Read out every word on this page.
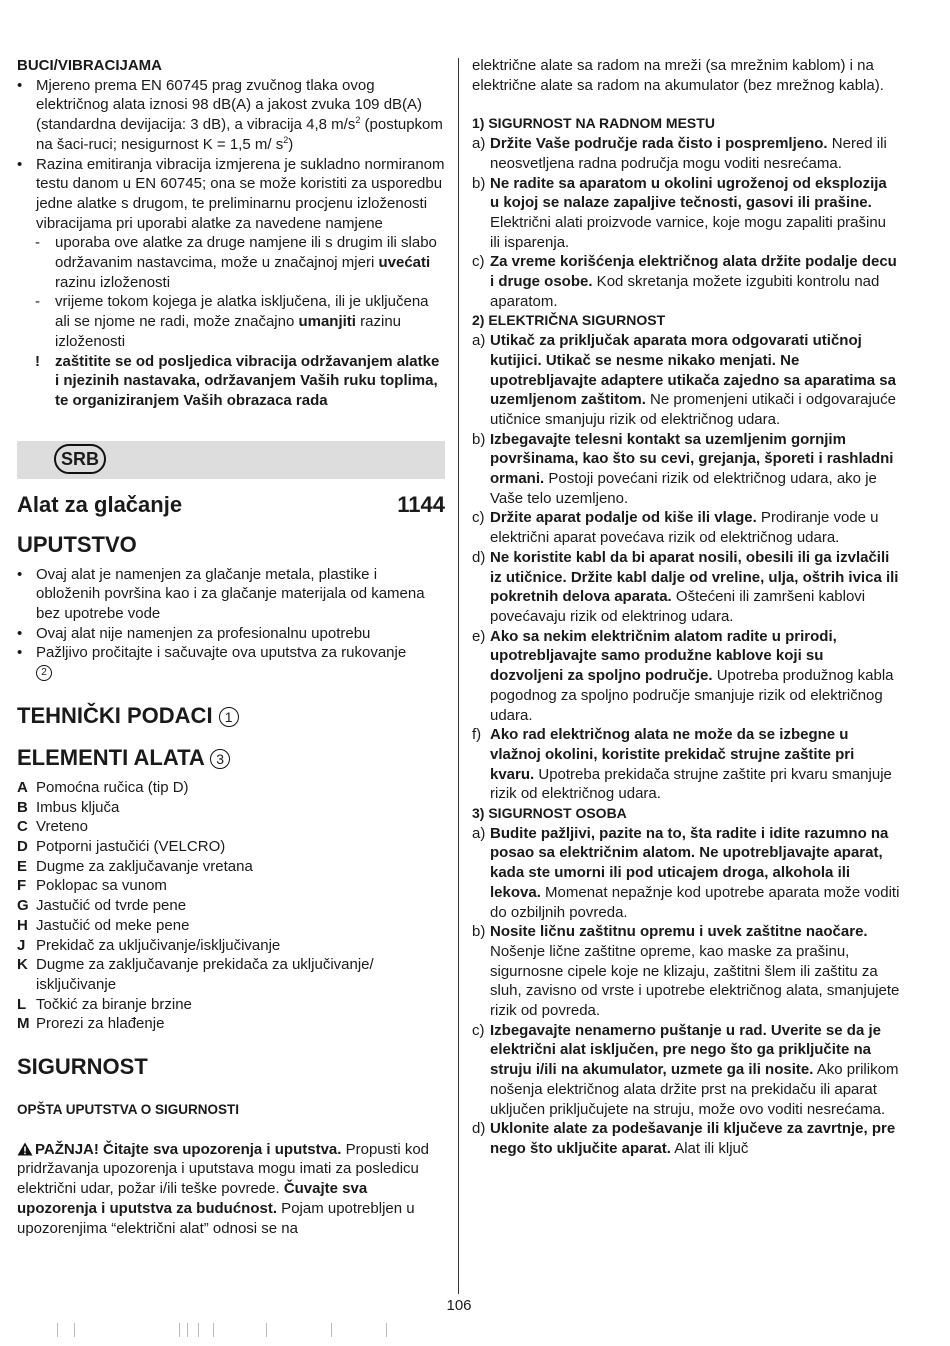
BUCI/VIBRACIJAMA

• Mjereno prema EN 60745 prag zvučnog tlaka ovog električnog alata iznosi 98 dB(A) a jakost zvuka 109 dB(A) (standardna devijacija: 3 dB), a vibracija 4,8 $m/s^2$ (postupkom na šaci-ruci; nesigurnost K = 1,5 m/ $s^2$)
• Razina emitiranja vibracija izmjerena je sukladno normiranom testu danom u EN 60745; ona se može koristiti za usporedbu jedne alatke s drugom, te preliminarnu procjenu izloženosti vibracijama pri uporabi alatke za navedene namjene
- uporaba ove alatke za druge namjene ili s drugim ili slabo održavanim nastavcima, može u značajnoj mjeri uvećati razinu izloženosti
- vrijeme tokom kojega je alatka isključena, ili je uključena ali se njome ne radi, može značajno umanjiti razinu izloženosti
! zaštitite se od posljedica vibracija održavanjem alatke i njezinih nastavaka, održavanjem Vaših ruku toplima, te organiziranjem Vaših obrazaca rada
SRB
Alat za glačanje	1144
UPUTSTVO
• Ovaj alat je namenjen za glačanje metala, plastike i obloženih površina kao i za glačanje materijala od kamena bez upotrebe vode
• Ovaj alat nije namenjen za profesionalnu upotrebu
• Pažljivo pročitajte i sačuvajte ova uputstva za rukovanje
2
TEHNIČKI PODACI 1
ELEMENTI ALATA 3
A Pomoćna ručica (tip D)
B Imbus ključa
C Vreteno
D Potporni jastučići (VELCRO)
E Dugme za zaključavanje vretana
F Poklopac sa vunom
G Jastučić od tvrde pene
H Jastučić od meke pene
J Prekidač za uključivanje/isključivanje
K Dugme za zaključavanje prekidača za uključivanje/ isključivanje
L Točkić za biranje brzine
M Prorezi za hlađenje
SIGURNOST

OPŠTA UPUTSTVA O SIGURNOSTI

PAŽNJA! Čitajte sva upozorenja i uputstva. Propusti kod pridržavanja upozorenja i uputstava mogu imati za posledicu električni udar, požar i/ili teške povrede. Čuvajte sva upozorenja i uputstva za budućnost. Pojam upotrebljen u upozorenjima “električni alat” odnosi se na

električne alate sa radom na mreži (sa mrežnim kablom) i na električne alate sa radom na akumulator (bez mrežnog kabla).

1) SIGURNOST NA RADNOM MESTU

a) Držite Vaše područje rada čisto i pospremljeno. Nered ili neosvetljena radna područja mogu voditi nesrećama.
b) Ne radite sa aparatom u okolini ugroženoj od eksplozija u kojoj se nalaze zapaljive tečnosti, gasovi ili prašine. Električni alati proizvode varnice, koje mogu zapaliti prašinu ili isparenja.
c) Za vreme korišćenja električnog alata držite podalje decu i druge osobe. Kod skretanja možete izgubiti kontrolu nad aparatom.

2) ELEKTRIČNA SIGURNOST

a) Utikač za priključak aparata mora odgovarati utičnoj kutijici. Utikač se nesme nikako menjati. Ne upotrebljavajte adaptere utikača zajedno sa aparatima sa uzemljenom zaštitom. Ne promenjeni utikači i odgovarajuće utičnice smanjuju rizik od električnog udara.
b) Izbegavajte telesni kontakt sa uzemljenim gornjim površinama, kao što su cevi, grejanja, šporeti i rashladni ormani. Postoji povećani rizik od električnog udara, ako je Vaše telo uzemljeno.
c) Držite aparat podalje od kiše ili vlage. Prodiranje vode u električni aparat povećava rizik od električnog udara.
d) Ne koristite kabl da bi aparat nosili, obesili ili ga izvlačili iz utičnice. Držite kabl dalje od vreline, ulja, oštrih ivica ili pokretnih delova aparata. Oštećeni ili zamršeni kablovi povećavaju rizik od elektrinog udara.
e) Ako sa nekim električnim alatom radite u prirodi, upotrebljavajte samo produžne kablove koji su dozvoljeni za spoljno područje. Upotreba produžnog kabla pogodnog za spoljno područje smanjuje rizik od električnog udara.
f) Ako rad električnog alata ne može da se izbegne u vlažnoj okolini, koristite prekidač strujne zaštite pri kvaru. Upotreba prekidača strujne zaštite pri kvaru smanjuje rizik od električnog udara.

3) SIGURNOST OSOBA

a) Budite pažljivi, pazite na to, šta radite i idite razumno na posao sa električnim alatom. Ne upotrebljavajte aparat, kada ste umorni ili pod uticajem droga, alkohola ili lekova. Momenat nepažnje kod upotrebe aparata može voditi do ozbiljnih povreda.
b) Nosite ličnu zaštitnu opremu i uvek zaštitne naočare. Nošenje lične zaštitne opreme, kao maske za prašinu, sigurnosne cipele koje ne klizaju, zaštitni šlem ili zaštitu za sluh, zavisno od vrste i upotrebe električnog alata, smanjujete rizik od povreda.
c) Izbegavajte nenamerno puštanje u rad. Uverite se da je električni alat isključen, pre nego što ga priključite na struju i/ili na akumulator, uzmete ga ili nosite. Ako prilikom nošenja električnog alata držite prst na prekidaču ili aparat uključen priključujete na struju, može ovo voditi nesrećama.
d) Uklonite alate za podešavanje ili ključeve za zavrtnje, pre nego što uključite aparat. Alat ili ključ
106
